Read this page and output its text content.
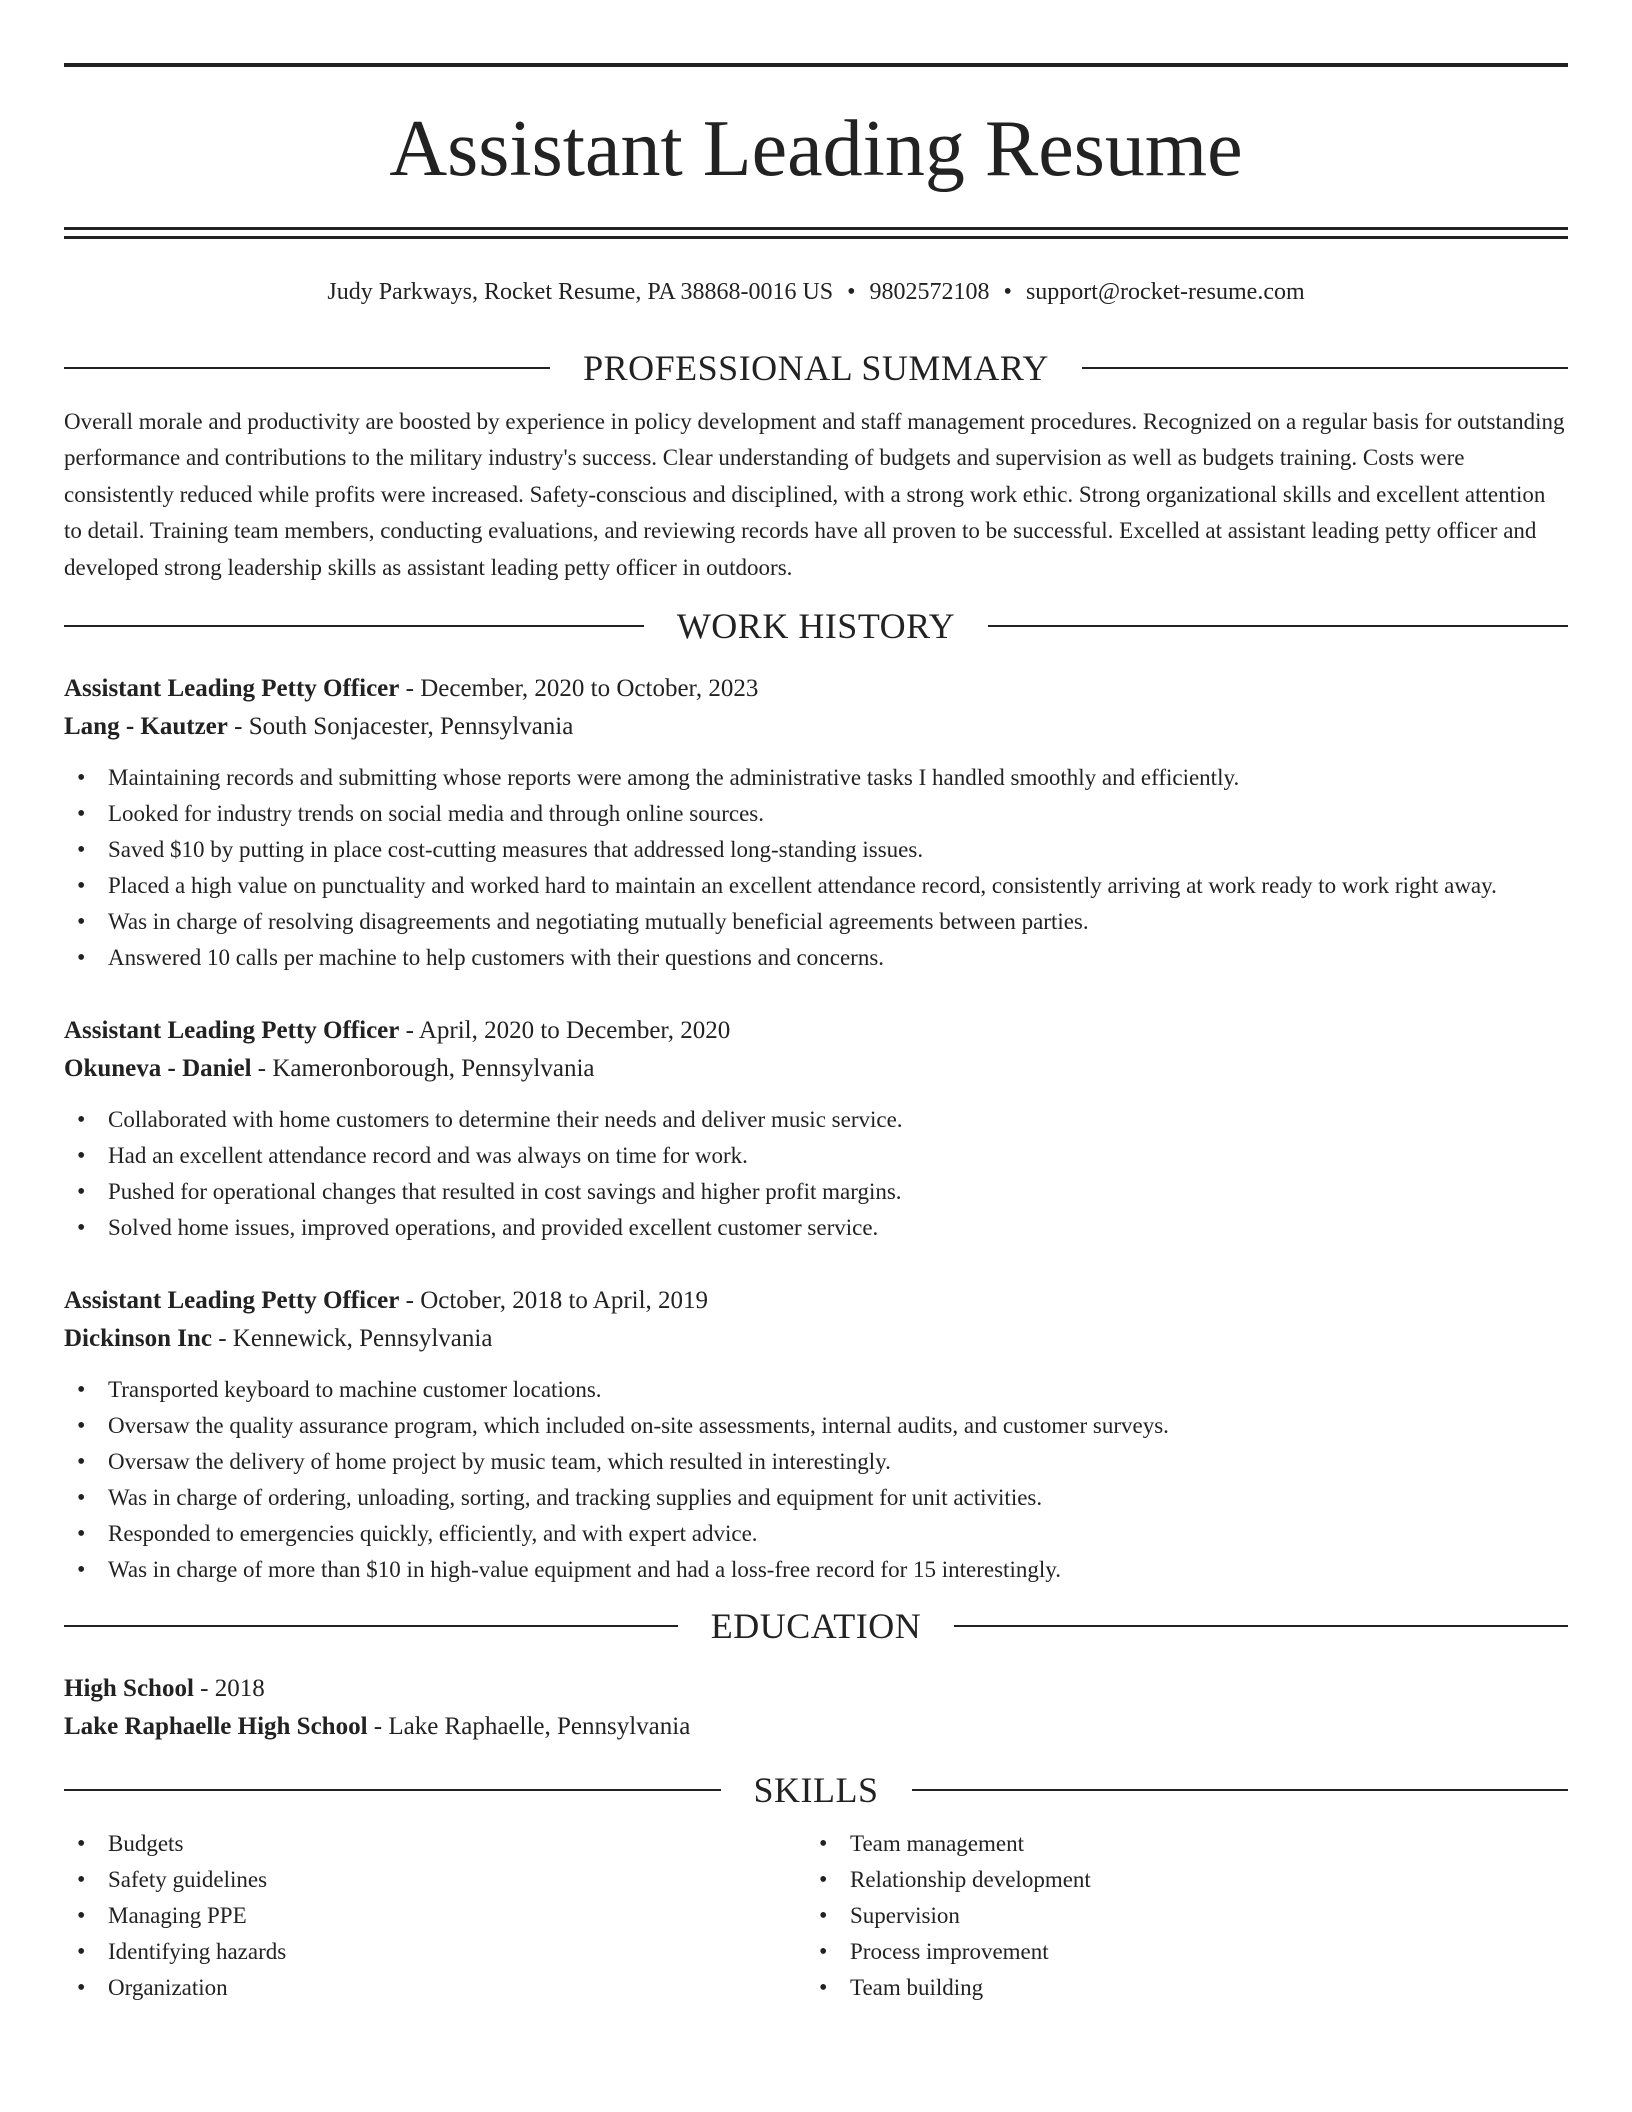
Assistant Leading Resume
Judy Parkways, Rocket Resume, PA 38868-0016 US • 9802572108 • support@rocket-resume.com
PROFESSIONAL SUMMARY

Overall morale and productivity are boosted by experience in policy development and staff management procedures. Recognized on a regular basis for outstanding performance and contributions to the military industry's success. Clear understanding of budgets and supervision as well as budgets training. Costs were consistently reduced while profits were increased. Safety-conscious and disciplined, with a strong work ethic. Strong organizational skills and excellent attention to detail. Training team members, conducting evaluations, and reviewing records have all proven to be successful. Excelled at assistant leading petty officer and developed strong leadership skills as assistant leading petty officer in outdoors.

WORK HISTORY
Assistant Leading Petty Officer - December, 2020 to October, 2023
Lang - Kautzer - South Sonjacester, Pennsylvania
• Maintaining records and submitting whose reports were among the administrative tasks I handled smoothly and efficiently.
• Looked for industry trends on social media and through online sources.
• Saved $10 by putting in place cost-cutting measures that addressed long-standing issues.
• Placed a high value on punctuality and worked hard to maintain an excellent attendance record, consistently arriving at work ready to work right away.
• Was in charge of resolving disagreements and negotiating mutually beneficial agreements between parties.
• Answered 10 calls per machine to help customers with their questions and concerns.
Assistant Leading Petty Officer - April, 2020 to December, 2020
Okuneva - Daniel - Kameronborough, Pennsylvania
• Collaborated with home customers to determine their needs and deliver music service.
• Had an excellent attendance record and was always on time for work.
• Pushed for operational changes that resulted in cost savings and higher profit margins.
• Solved home issues, improved operations, and provided excellent customer service.
Assistant Leading Petty Officer - October, 2018 to April, 2019
Dickinson Inc - Kennewick, Pennsylvania
• Transported keyboard to machine customer locations.
• Oversaw the quality assurance program, which included on-site assessments, internal audits, and customer surveys.
• Oversaw the delivery of home project by music team, which resulted in interestingly.
• Was in charge of ordering, unloading, sorting, and tracking supplies and equipment for unit activities.
• Responded to emergencies quickly, efficiently, and with expert advice.
• Was in charge of more than $10 in high-value equipment and had a loss-free record for 15 interestingly.
EDUCATION
High School - 2018
Lake Raphaelle High School - Lake Raphaelle, Pennsylvania
SKILLS
• Budgets
• Safety guidelines
• Managing PPE
• Identifying hazards
• Organization
• Team management
• Relationship development
• Supervision
• Process improvement
• Team building
